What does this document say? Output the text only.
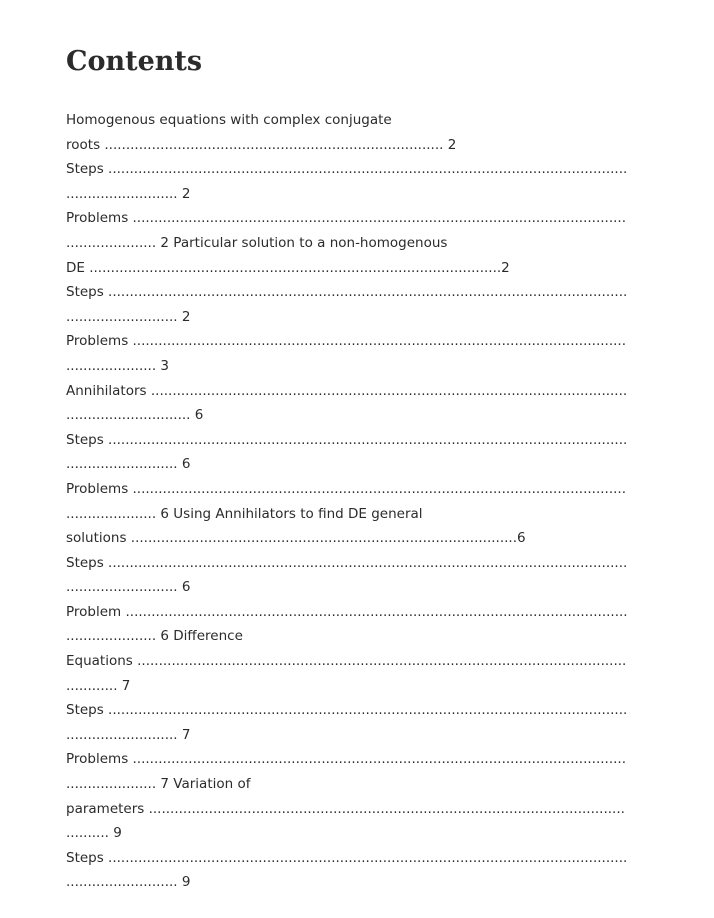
Contents
Homogenous equations with complex conjugate
roots ............................................................................... 2
Steps .........................................................................................................................
.......................... 2
Problems ...................................................................................................................
..................... 2 Particular solution to a non-homogenous
DE ................................................................................................2
Steps .........................................................................................................................
.......................... 2
Problems ...................................................................................................................
..................... 3
Annihilators ...............................................................................................................
............................. 6
Steps .........................................................................................................................
.......................... 6
Problems ...................................................................................................................
..................... 6 Using Annihilators to find DE general
solutions ..........................................................................................6
Steps .........................................................................................................................
.......................... 6
Problem .....................................................................................................................
..................... 6 Difference
Equations ..................................................................................................................
............ 7
Steps .........................................................................................................................
.......................... 7
Problems ...................................................................................................................
..................... 7 Variation of
parameters ...............................................................................................................
.......... 9
Steps .........................................................................................................................
.......................... 9
